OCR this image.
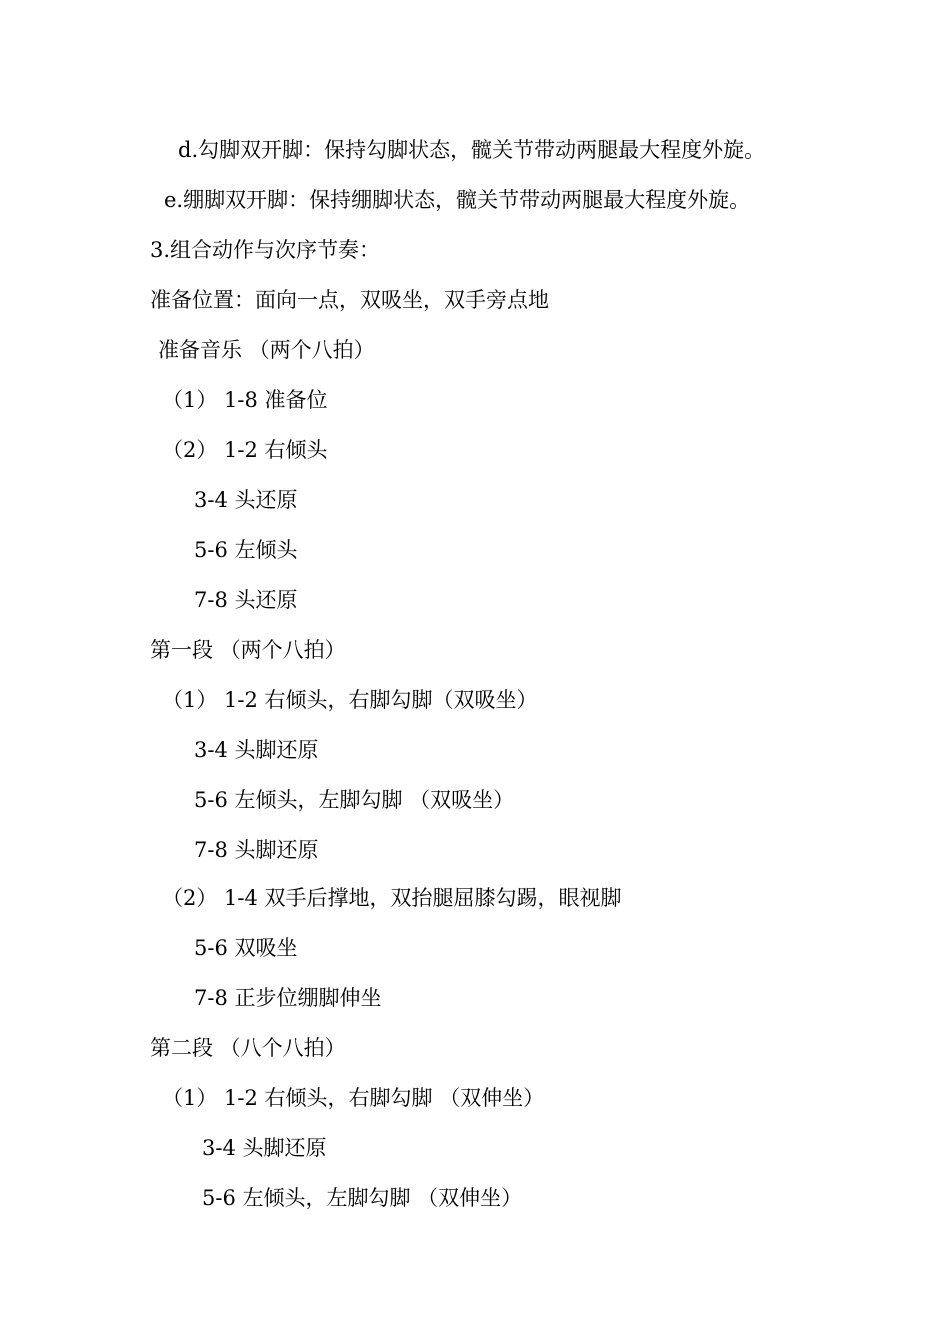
d.勾脚双开脚：保持勾脚状态，髋关节带动两腿最大程度外旋。
e.绷脚双开脚：保持绷脚状态，髋关节带动两腿最大程度外旋。
3.组合动作与次序节奏：
准备位置：面向一点，双吸坐，双手旁点地
准备音乐 （两个八拍）
（1） 1-8 准备位
（2） 1-2 右倾头
3-4 头还原
5-6 左倾头
7-8 头还原
第一段 （两个八拍）
（1） 1-2 右倾头，右脚勾脚（双吸坐）
3-4 头脚还原
5-6 左倾头，左脚勾脚 （双吸坐）
7-8 头脚还原
（2） 1-4 双手后撑地，双抬腿屈膝勾踢，眼视脚
5-6 双吸坐
7-8 正步位绷脚伸坐
第二段 （八个八拍）
（1） 1-2 右倾头，右脚勾脚 （双伸坐）
3-4 头脚还原
5-6 左倾头，左脚勾脚 （双伸坐）
